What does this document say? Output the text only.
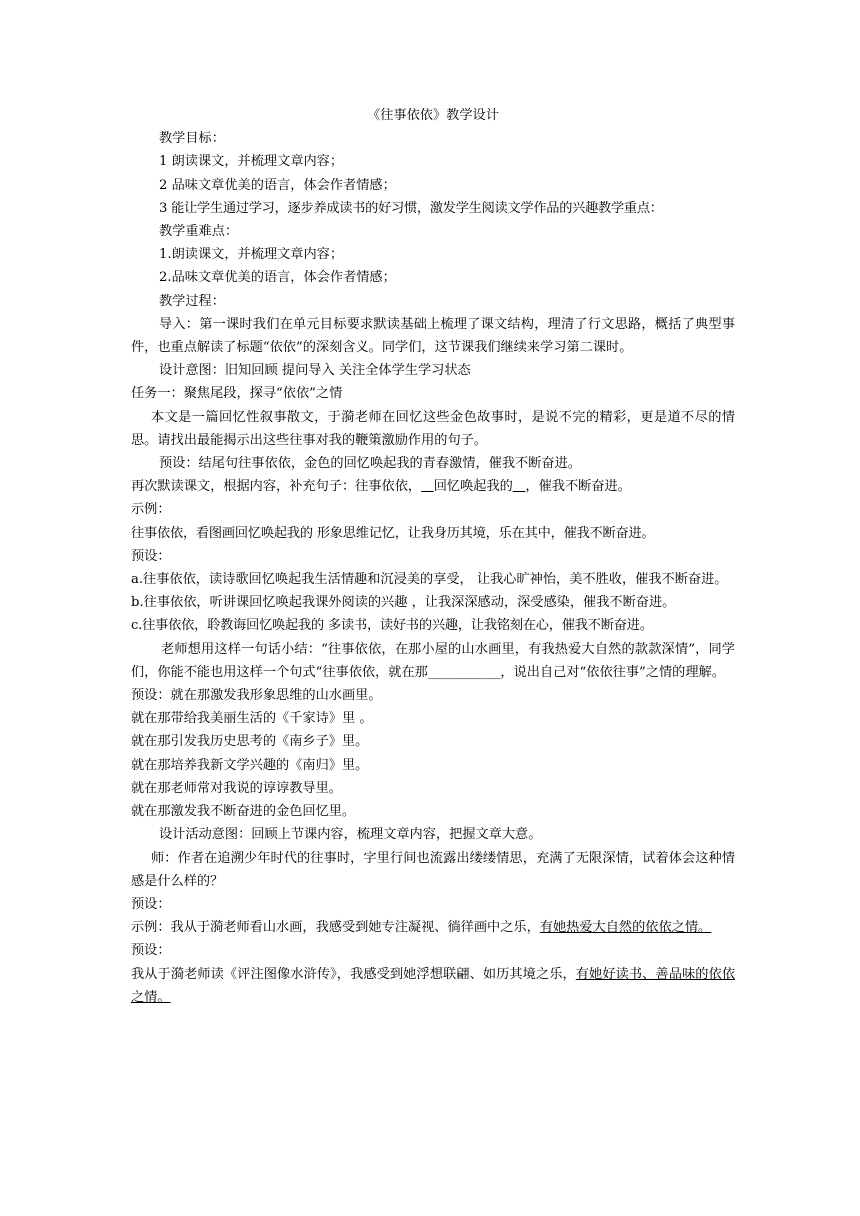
《往事依依》教学设计

教学目标：

1 朗读课文，并梳理文章内容；

2 品味文章优美的语言，体会作者情感；

3 能让学生通过学习，逐步养成读书的好习惯，激发学生阅读文学作品的兴趣教学重点：

教学重难点：

1.朗读课文，并梳理文章内容；

2.品味文章优美的语言，体会作者情感；

教学过程：

导入：第一课时我们在单元目标要求默读基础上梳理了课文结构，理清了行文思路，概括了典型事件，也重点解读了标题“依依”的深刻含义。同学们，这节课我们继续来学习第二课时。

设计意图：旧知回顾 提问导入 关注全体学生学习状态

任务一：聚焦尾段，探寻“依依”之情

本文是一篇回忆性叙事散文，于漪老师在回忆这些金色故事时，是说不完的精彩，更是道不尽的情思。请找出最能揭示出这些往事对我的鞭策激励作用的句子。

预设：结尾句往事依依，金色的回忆唤起我的青春激情，催我不断奋进。

再次默读课文，根据内容，补充句子：往事依依， 回忆唤起我的 ，催我不断奋进。

示例：

往事依依，看图画回忆唤起我的 形象思维记忆，让我身历其境，乐在其中，催我不断奋进。

预设：

a.往事依依，读诗歌回忆唤起我生活情趣和沉浸美的享受， 让我心旷神怡，美不胜收，催我不断奋进。

b.往事依依，听讲课回忆唤起我课外阅读的兴趣 ，让我深深感动，深受感染，催我不断奋进。

c.往事依依，聆教诲回忆唤起我的 多读书，读好书的兴趣，让我铭刻在心，催我不断奋进。

老师想用这样一句话小结：“往事依依，在那小屋的山水画里，有我热爱大自然的款款深情”，同学们，你能不能也用这样一个句式“往事依依，就在那___________，说出自己对“依依往事”之情的理解。

预设：就在那激发我形象思维的山水画里。

就在那带给我美丽生活的《千家诗》里 。

就在那引发我历史思考的《南乡子》里。

就在那培养我新文学兴趣的《南归》里。

就在那老师常对我说的谆谆教导里。

就在那激发我不断奋进的金色回忆里。

设计活动意图：回顾上节课内容，梳理文章内容，把握文章大意。

师：作者在追溯少年时代的往事时，字里行间也流露出缕缕情思，充满了无限深情，试着体会这种情感是什么样的？

预设：

示例：我从于漪老师看山水画，我感受到她专注凝视、徜徉画中之乐，有她热爱大自然的依依之情。

预设：

我从于漪老师读《评注图像水浒传》，我感受到她浮想联翩、如历其境之乐，有她好读书、善品味的依依之情。
